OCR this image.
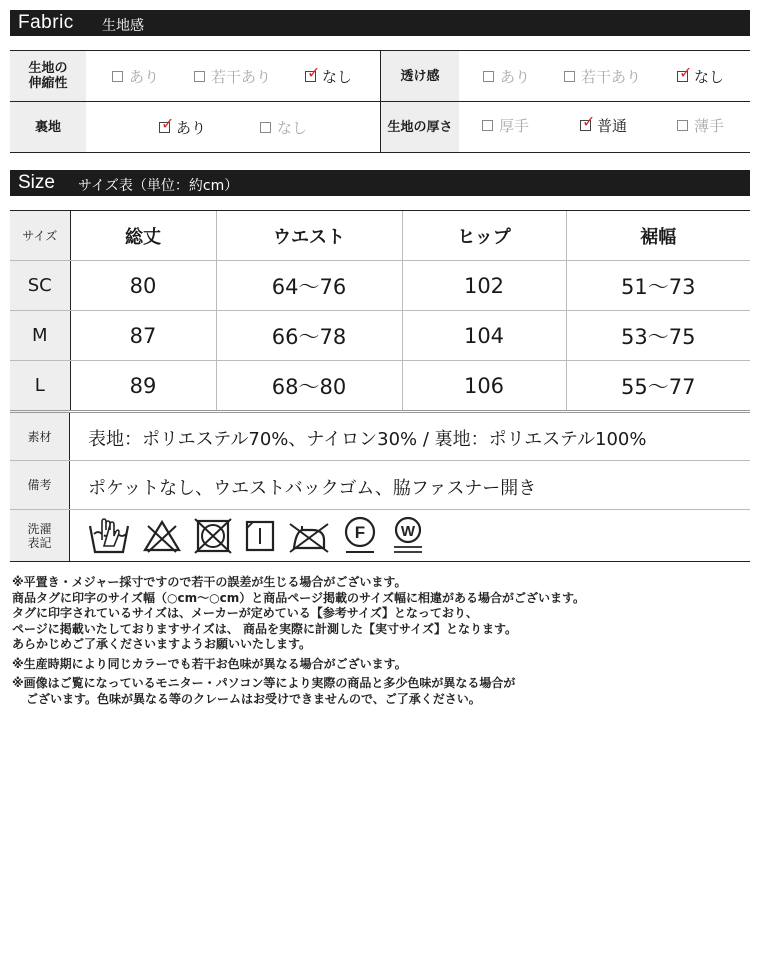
Fabric 生地感
生地の
伸縮性	あり	若干あり ✓ なし	透け感	あり	若干あり ✓ なし
裏地	✓ あり	なし	生地の厚さ	厚手	✓ 普通	薄手
Size サイズ表（単位：約cm）
サイズ	総丈	ウエスト	ヒップ	裾幅
SC	80	64～76	102	51～73
M	87	66～78	104	53～75
L	89	68～80	106	55～77
素材	表地：ポリエステル70%、ナイロン30% / 裏地：ポリエステル100%
備考	ポケットなし、ウエストバックゴム、脇ファスナー開き
洗濯
表記
F W

※平置き・メジャー採寸ですので若干の誤差が生じる場合がございます。

商品タグに印字のサイズ幅（○cm～○cm）と商品ページ掲載のサイズ幅に相違がある場合がございます。

タグに印字されているサイズは、メーカーが定めている【参考サイズ】となっており、

ページに掲載いたしておりますサイズは、 商品を実際に計測した【実寸サイズ】となります。

あらかじめご了承くださいますようお願いいたします。

※生産時期により同じカラーでも若干お色味が異なる場合がございます。

※画像はご覧になっているモニター・パソコン等により実際の商品と多少色味が異なる場合が

ございます。色味が異なる等のクレームはお受けできませんので、ご了承ください。
